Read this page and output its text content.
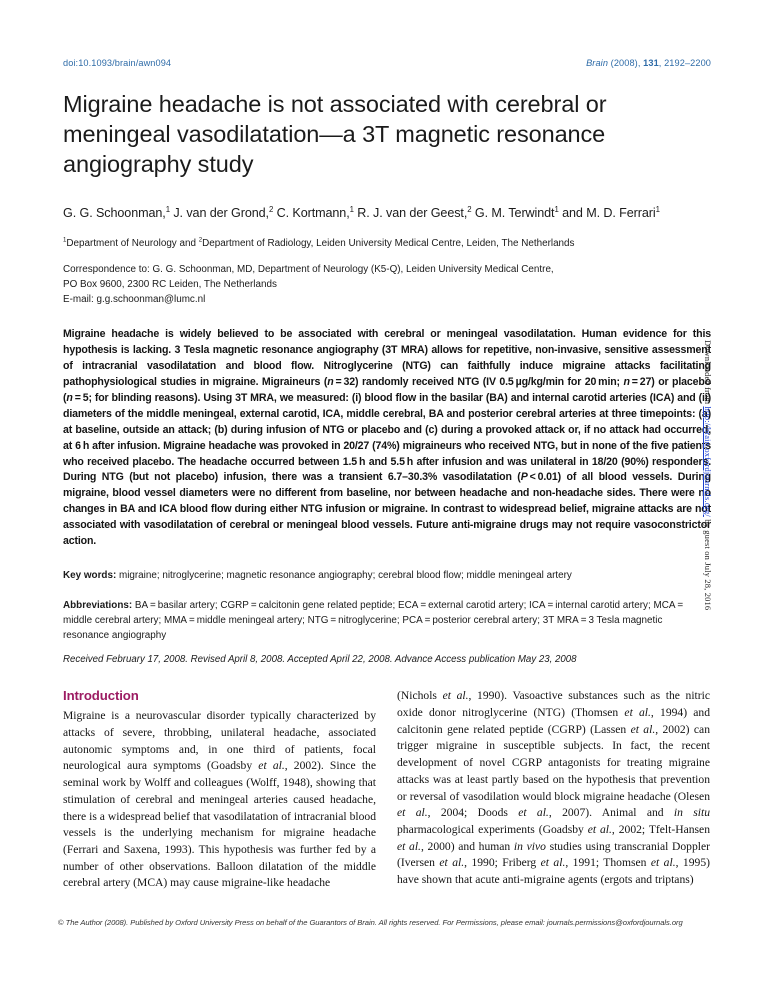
doi:10.1093/brain/awn094	Brain (2008), 131, 2192–2200
Migraine headache is not associated with cerebral or meningeal vasodilatation—a 3T magnetic resonance angiography study
G. G. Schoonman,$^1$ J. van der Grond,$^2$ C. Kortmann,$^1$ R. J. van der Geest,$^2$ G. M. Terwindt$^1$ and M. D. Ferrari$^1$
$^1$Department of Neurology and $^2$Department of Radiology, Leiden University Medical Centre, Leiden, The Netherlands
Correspondence to: G. G. Schoonman, MD, Department of Neurology (K5-Q), Leiden University Medical Centre,
PO Box 9600, 2300 RC Leiden, The Netherlands
E-mail: g.g.schoonman@lumc.nl
Migraine headache is widely believed to be associated with cerebral or meningeal vasodilatation. Human evidence for this hypothesis is lacking. 3 Tesla magnetic resonance angiography (3T MRA) allows for repetitive, non-invasive, sensitive assessment of intracranial vasodilatation and blood flow. Nitroglycerine (NTG) can faithfully induce migraine attacks facilitating pathophysiological studies in migraine. Migraineurs (n = 32) randomly received NTG (IV 0.5 µg/kg/min for 20 min; n = 27) or placebo (n = 5; for blinding reasons). Using 3T MRA, we measured: (i) blood flow in the basilar (BA) and internal carotid arteries (ICA) and (ii) diameters of the middle meningeal, external carotid, ICA, middle cerebral, BA and posterior cerebral arteries at three timepoints: (a) at baseline, outside an attack; (b) during infusion of NTG or placebo and (c) during a provoked attack or, if no attack had occurred, at 6 h after infusion. Migraine headache was provoked in 20/27 (74%) migraineurs who received NTG, but in none of the five patients who received placebo. The headache occurred between 1.5 h and 5.5 h after infusion and was unilateral in 18/20 (90%) responders. During NTG (but not placebo) infusion, there was a transient 6.7–30.3% vasodilatation (P < 0.01) of all blood vessels. During migraine, blood vessel diameters were no different from baseline, nor between headache and non-headache sides. There were no changes in BA and ICA blood flow during either NTG infusion or migraine. In contrast to widespread belief, migraine attacks are not associated with vasodilatation of cerebral or meningeal blood vessels. Future anti-migraine drugs may not require vasoconstrictor action.
Key words: migraine; nitroglycerine; magnetic resonance angiography; cerebral blood flow; middle meningeal artery
Abbreviations: BA = basilar artery; CGRP = calcitonin gene related peptide; ECA = external carotid artery; ICA = internal carotid artery; MCA = middle cerebral artery; MMA = middle meningeal artery; NTG = nitroglycerine; PCA = posterior cerebral artery; 3T MRA = 3 Tesla magnetic resonance angiography
Received February 17, 2008. Revised April 8, 2008. Accepted April 22, 2008. Advance Access publication May 23, 2008
Introduction

Migraine is a neurovascular disorder typically characterized by attacks of severe, throbbing, unilateral headache, associated autonomic symptoms and, in one third of patients, focal neurological aura symptoms (Goadsby et al., 2002). Since the seminal work by Wolff and colleagues (Wolff, 1948), showing that stimulation of cerebral and meningeal arteries caused headache, there is a widespread belief that vasodilatation of intracranial blood vessels is the underlying mechanism for migraine headache (Ferrari and Saxena, 1993). This hypothesis was further fed by a number of other observations. Balloon dilatation of the middle cerebral artery (MCA) may cause migraine-like headache

(Nichols et al., 1990). Vasoactive substances such as the nitric oxide donor nitroglycerine (NTG) (Thomsen et al., 1994) and calcitonin gene related peptide (CGRP) (Lassen et al., 2002) can trigger migraine in susceptible subjects. In fact, the recent development of novel CGRP antagonists for treating migraine attacks was at least partly based on the hypothesis that prevention or reversal of vasodilation would block migraine headache (Olesen et al., 2004; Doods et al., 2007). Animal and in situ pharmacological experiments (Goadsby et al., 2002; Tfelt-Hansen et al., 2000) and human in vivo studies using transcranial Doppler (Iversen et al., 1990; Friberg et al., 1991; Thomsen et al., 1995) have shown that acute anti-migraine agents (ergots and triptans)

© The Author (2008). Published by Oxford University Press on behalf of the Guarantors of Brain. All rights reserved. For Permissions, please email: journals.permissions@oxfordjournals.org
Downloaded from http://brain.oxfordjournals.org/ by guest on July 28, 2016
